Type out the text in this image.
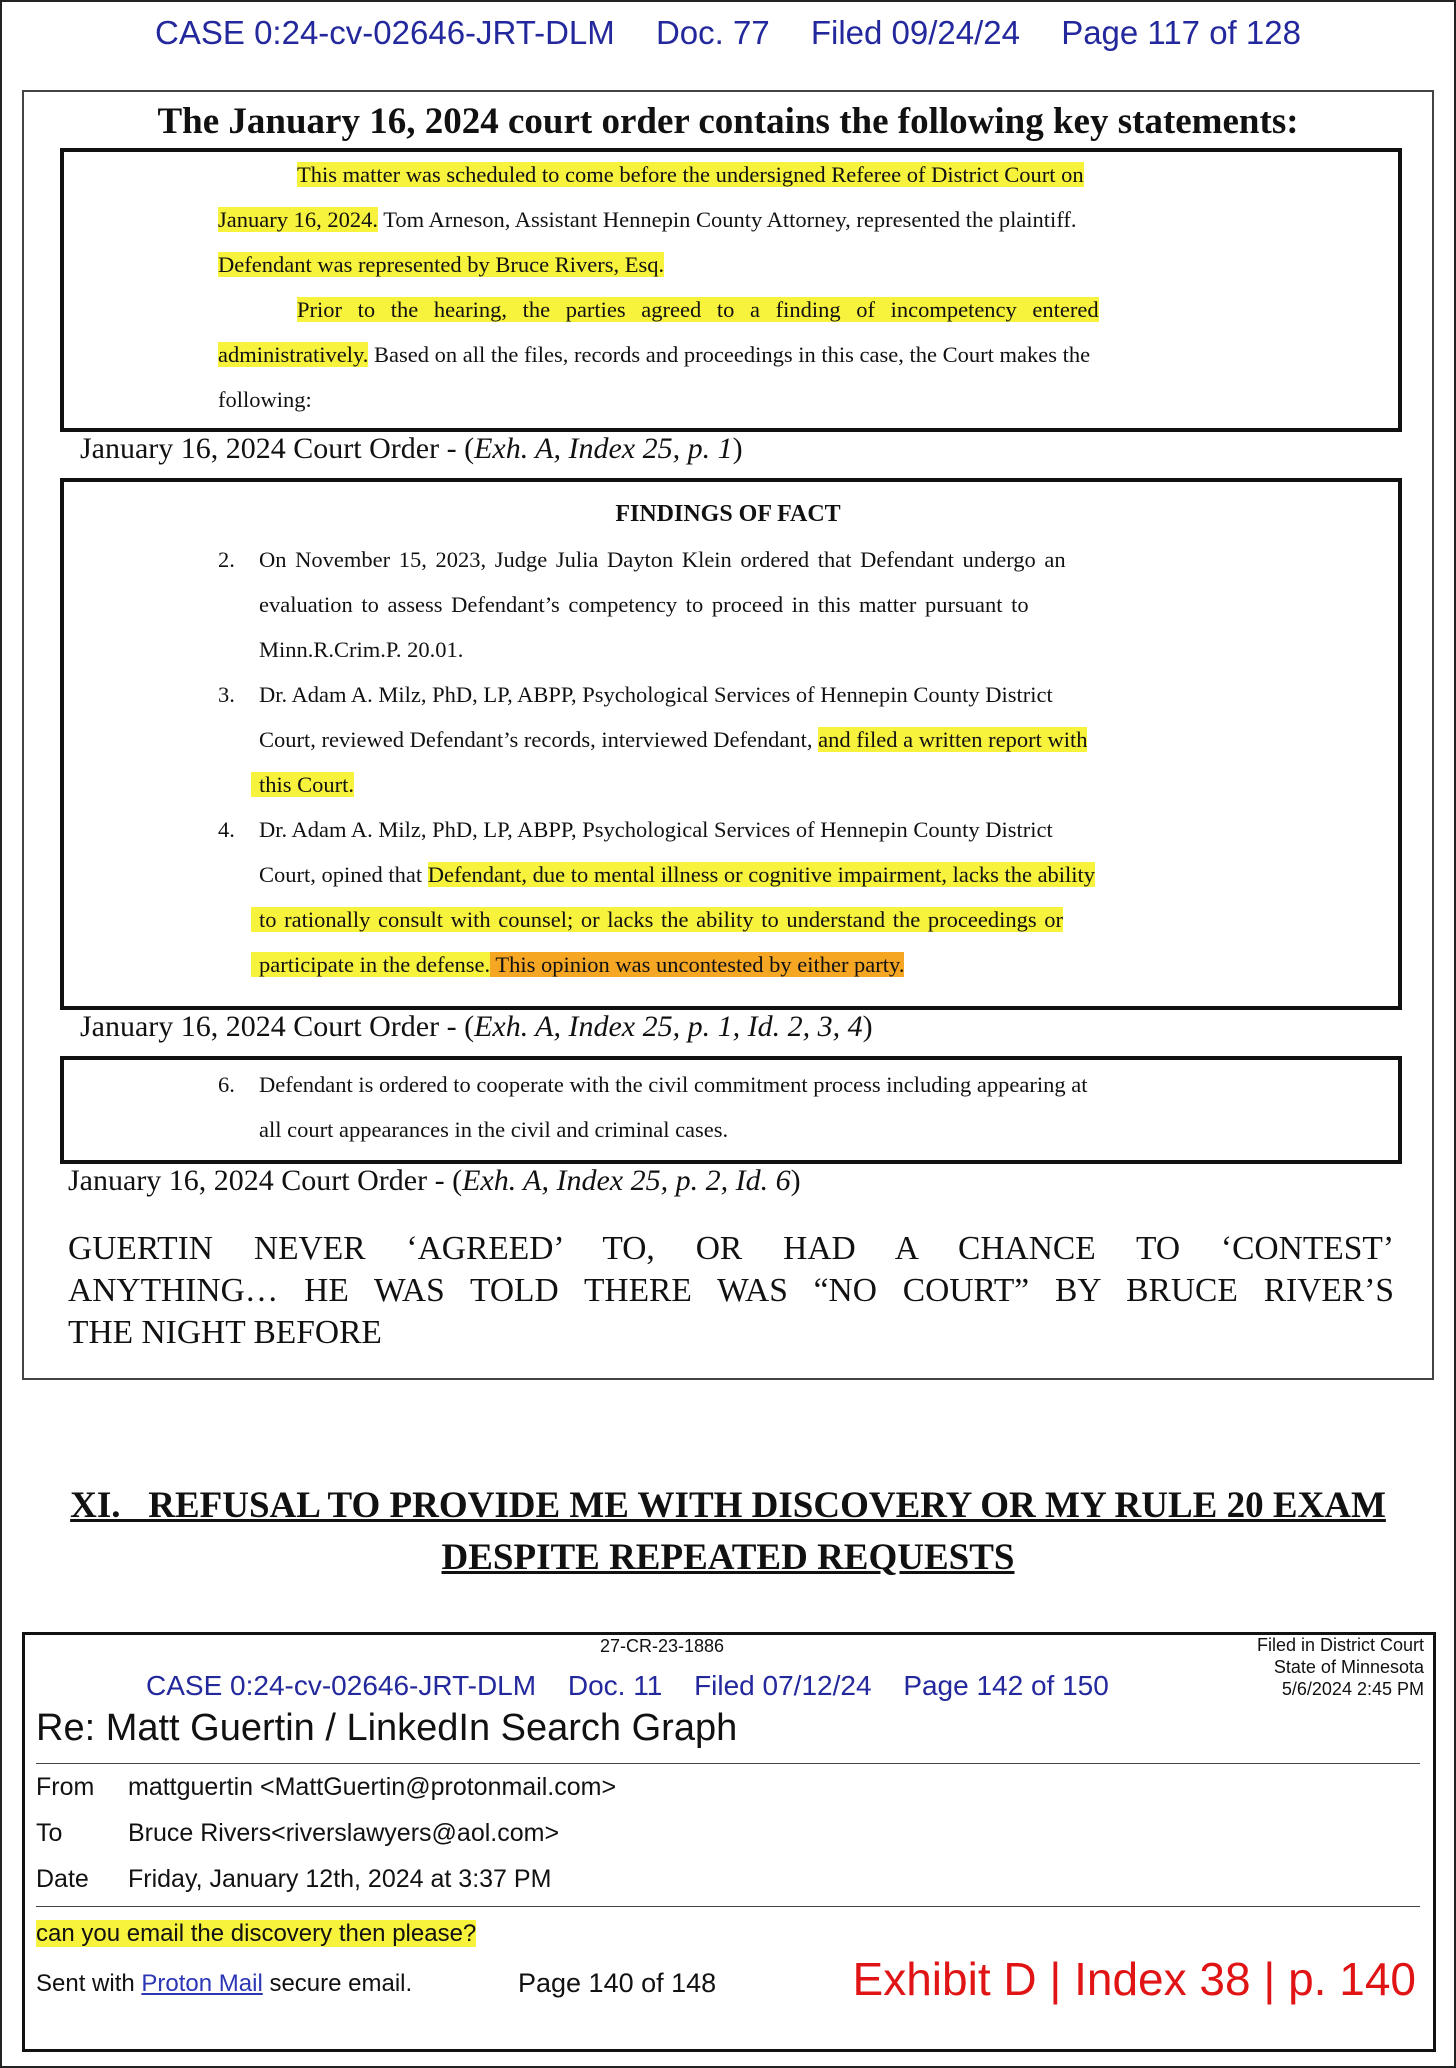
CASE 0:24-cv-02646-JRT-DLM Doc. 77 Filed 09/24/24 Page 117 of 128
The January 16, 2024 court order contains the following key statements:
This matter was scheduled to come before the undersigned Referee of District Court on
January 16, 2024. Tom Arneson, Assistant Hennepin County Attorney, represented the plaintiff.
Defendant was represented by Bruce Rivers, Esq.
Prior to the hearing, the parties agreed to a finding of incompetency entered
administratively. Based on all the files, records and proceedings in this case, the Court makes the
following:
January 16, 2024 Court Order - (Exh. A, Index 25, p. 1)
FINDINGS OF FACT
2. On November 15, 2023, Judge Julia Dayton Klein ordered that Defendant undergo an
evaluation to assess Defendant’s competency to proceed in this matter pursuant to
Minn.R.Crim.P. 20.01.
3. Dr. Adam A. Milz, PhD, LP, ABPP, Psychological Services of Hennepin County District
Court, reviewed Defendant’s records, interviewed Defendant, and filed a written report with
this Court.
4. Dr. Adam A. Milz, PhD, LP, ABPP, Psychological Services of Hennepin County District
Court, opined that Defendant, due to mental illness or cognitive impairment, lacks the ability
to rationally consult with counsel; or lacks the ability to understand the proceedings or
participate in the defense. This opinion was uncontested by either party.
January 16, 2024 Court Order - (Exh. A, Index 25, p. 1, Id. 2, 3, 4)
6. Defendant is ordered to cooperate with the civil commitment process including appearing at
all court appearances in the civil and criminal cases.
January 16, 2024 Court Order - (Exh. A, Index 25, p. 2, Id. 6)
GUERTIN NEVER ‘AGREED’ TO, OR HAD A CHANCE TO ‘CONTEST’
ANYTHING… HE WAS TOLD THERE WAS “NO COURT” BY BRUCE RIVER’S
THE NIGHT BEFORE
XI.   REFUSAL TO PROVIDE ME WITH DISCOVERY OR MY RULE 20 EXAM
DESPITE REPEATED REQUESTS
27-CR-23-1886	Filed in District Court
State of Minnesota
5/6/2024 2:45 PM
CASE 0:24-cv-02646-JRT-DLM Doc. 11 Filed 07/12/24 Page 142 of 150
Re: Matt Guertin / LinkedIn Search Graph
From mattguertin <MattGuertin@protonmail.com>
To	Bruce Rivers<riverslawyers@aol.com>
Date Friday, January 12th, 2024 at 3:37 PM
can you email the discovery then please?
Sent with Proton Mail secure email.	Page 140 of 148	Exhibit D | Index 38 | p. 140
